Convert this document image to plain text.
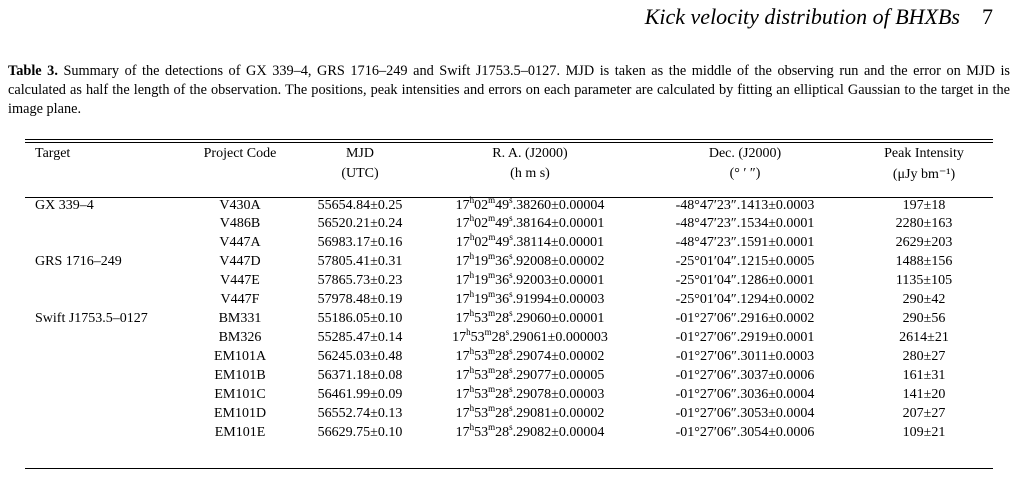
Kick velocity distribution of BHXBs 7
Table 3. Summary of the detections of GX 339–4, GRS 1716–249 and Swift J1753.5–0127. MJD is taken as the middle of the observing run and the error on MJD is calculated as half the length of the observation. The positions, peak intensities and errors on each parameter are calculated by fitting an elliptical Gaussian to the target in the image plane.
Target	Project Code	MJD	R. A. (J2000)	Dec. (J2000)	Peak Intensity
		(UTC)	(h m s)	(° ′ ″)	(μJy bm⁻¹)
GX 339–4	V430A	55654.84±0.25	$17^h02^m49^s.38260\pm 0.00004$	-48°47′23″.1413±0.0003	197±18
	V486B	56520.21±0.24	$17^h02^m49^s.38164\pm 0.00001$	-48°47′23″.1534±0.0001	2280±163
	V447A	56983.17±0.16	$17^h02^m49^s.38114\pm 0.00001$	-48°47′23″.1591±0.0001	2629±203
GRS 1716–249	V447D	57805.41±0.31	$17^h19^m36^s.92008\pm 0.00002$	-25°01′04″.1215±0.0005	1488±156
	V447E	57865.73±0.23	$17^h19^m36^s.92003\pm 0.00001$	-25°01′04″.1286±0.0001	1135±105
	V447F	57978.48±0.19	$17^h19^m36^s.91994\pm 0.00003$	-25°01′04″.1294±0.0002	290±42
Swift J1753.5–0127	BM331	55186.05±0.10	$17^h53^m28^s.29060\pm 0.00001$	-01°27′06″.2916±0.0002	290±56
	BM326	55285.47±0.14	$17^h53^m28^s.29061\pm 0.000003$	-01°27′06″.2919±0.0001	2614±21
	EM101A	56245.03±0.48	$17^h53^m28^s.29074\pm 0.00002$	-01°27′06″.3011±0.0003	280±27
	EM101B	56371.18±0.08	$17^h53^m28^s.29077\pm 0.00005$	-01°27′06″.3037±0.0006	161±31
	EM101C	56461.99±0.09	$17^h53^m28^s.29078\pm 0.00003$	-01°27′06″.3036±0.0004	141±20
	EM101D	56552.74±0.13	$17^h53^m28^s.29081\pm 0.00002$	-01°27′06″.3053±0.0004	207±27
	EM101E	56629.75±0.10	$17^h53^m28^s.29082\pm 0.00004$	-01°27′06″.3054±0.0006	109±21
